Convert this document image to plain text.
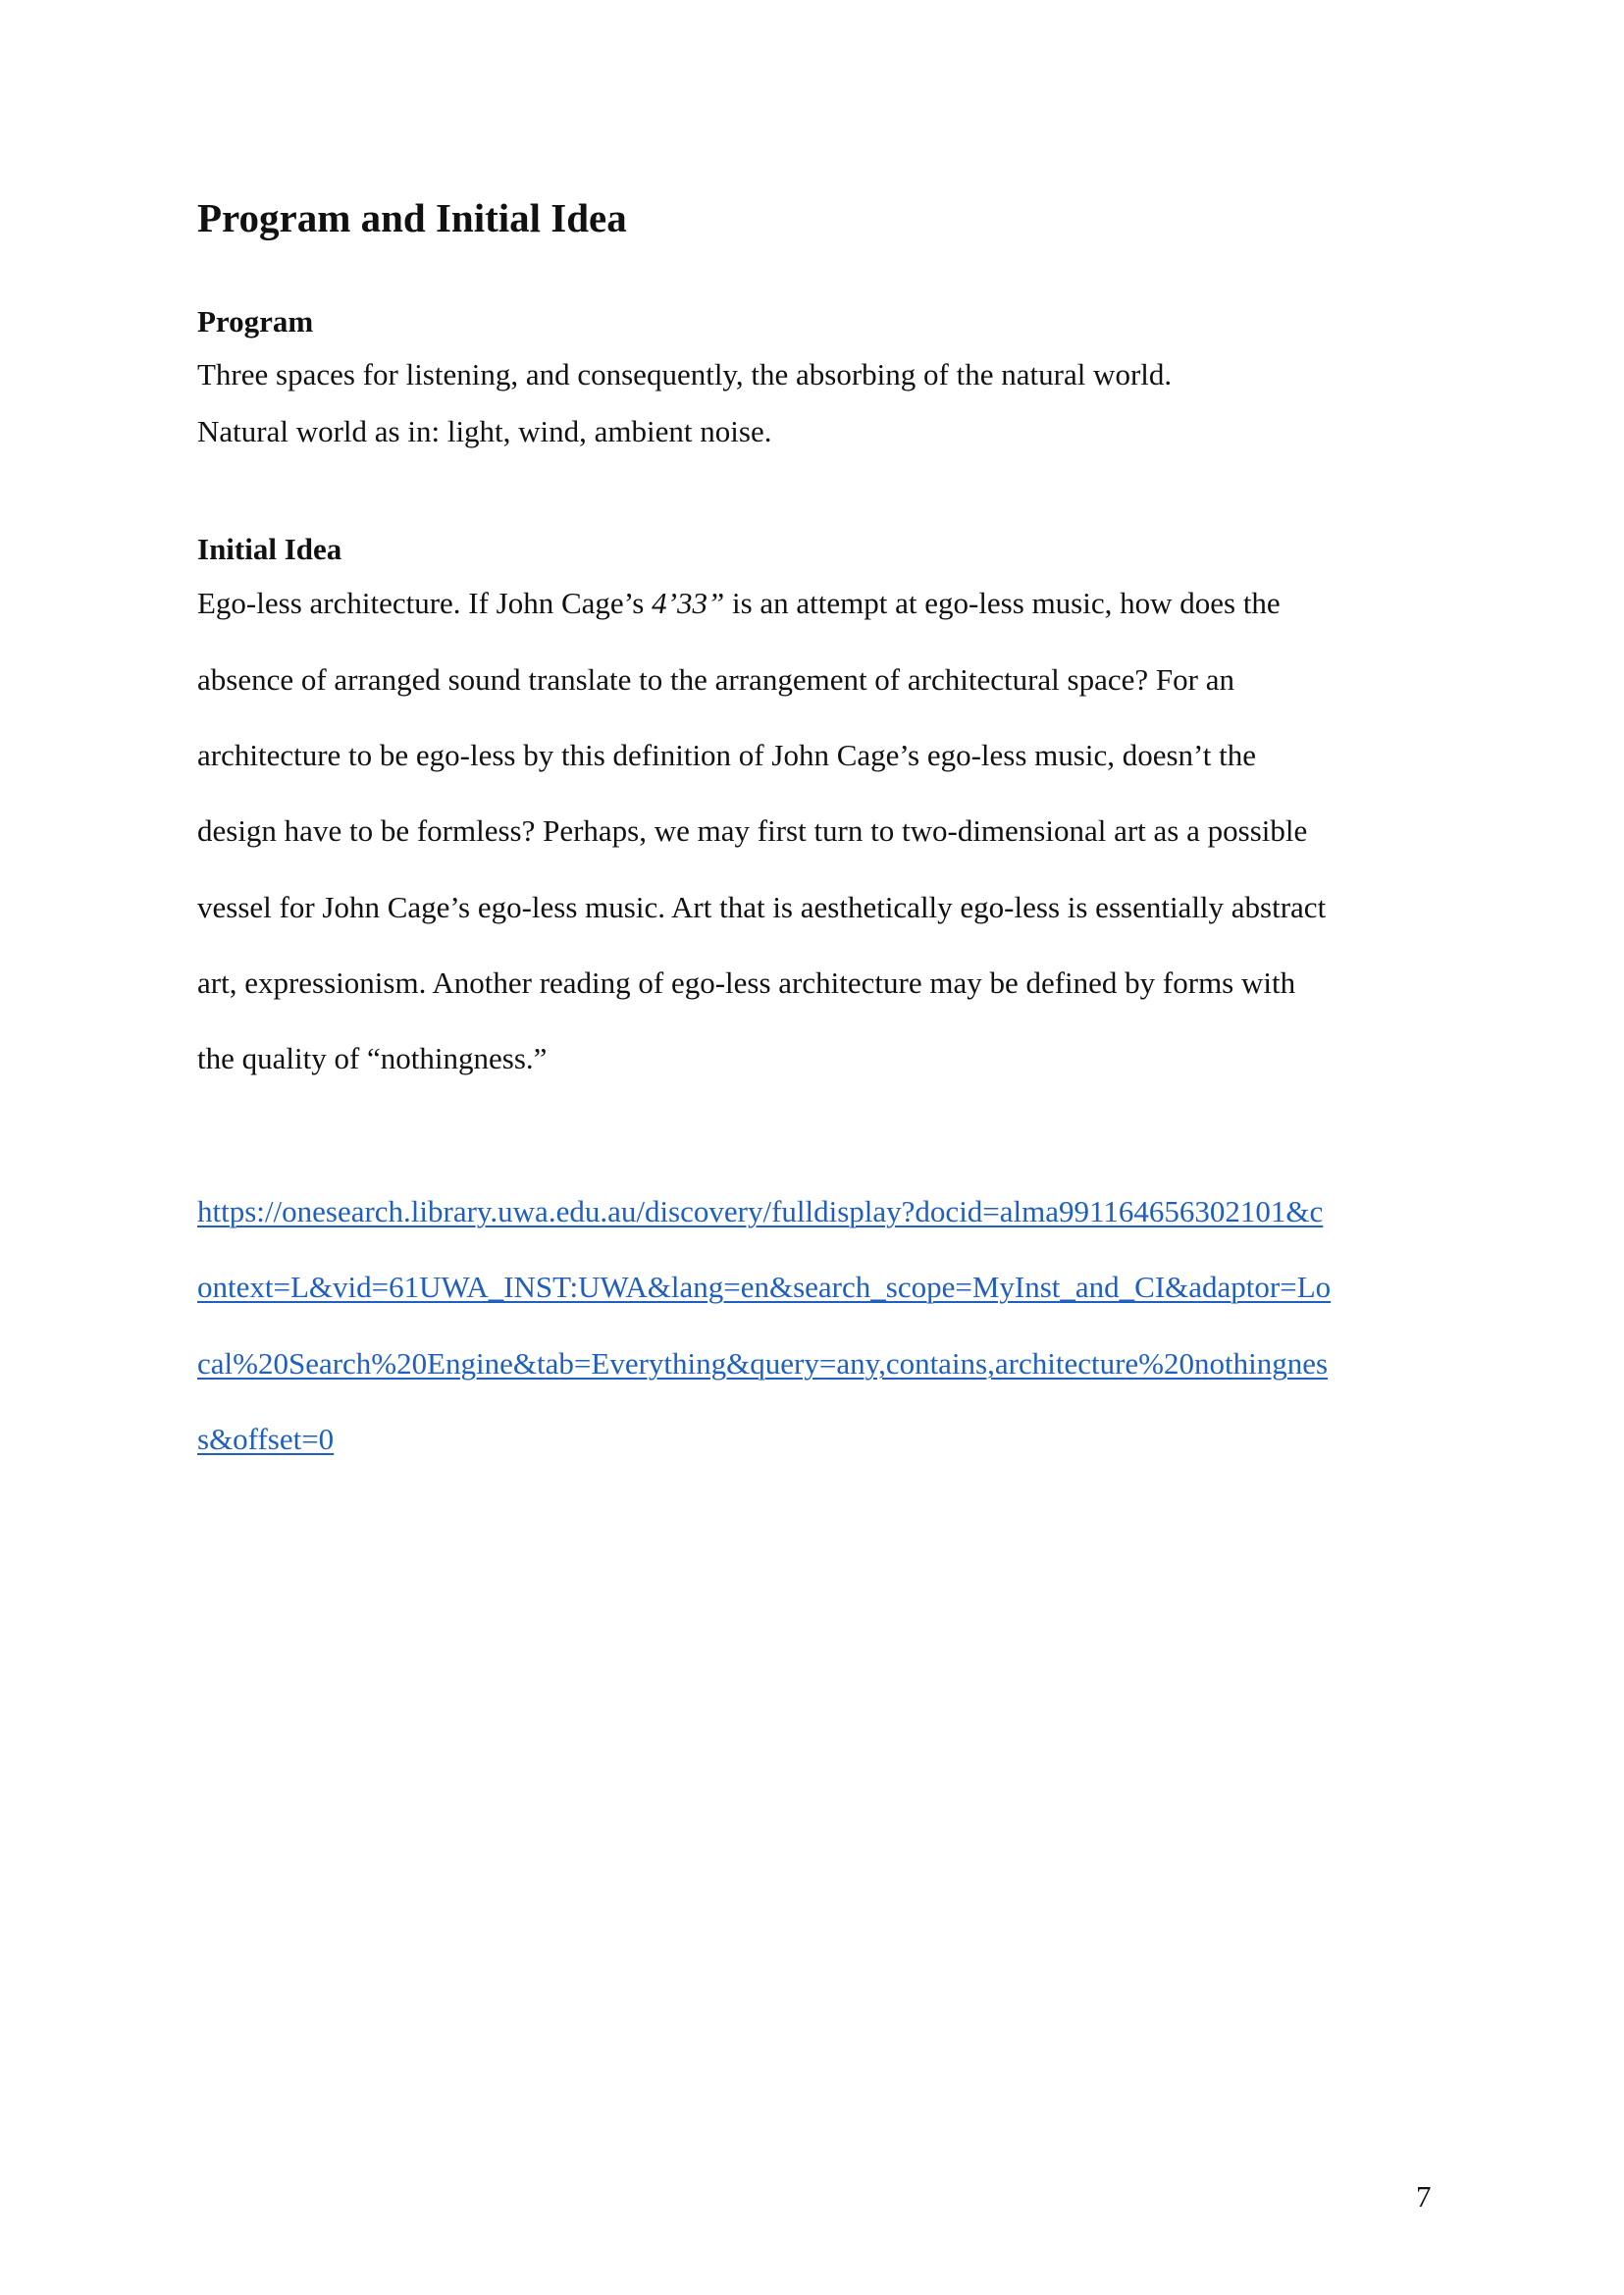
Program and Initial Idea
Program

Three spaces for listening, and consequently, the absorbing of the natural world.

Natural world as in: light, wind, ambient noise.

Initial Idea

Ego-less architecture. If John Cage’s 4’33” is an attempt at ego-less music, how does the

absence of arranged sound translate to the arrangement of architectural space? For an

architecture to be ego-less by this definition of John Cage’s ego-less music, doesn’t the

design have to be formless? Perhaps, we may first turn to two-dimensional art as a possible

vessel for John Cage’s ego-less music. Art that is aesthetically ego-less is essentially abstract

art, expressionism. Another reading of ego-less architecture may be defined by forms with

the quality of “nothingness.”

https://onesearch.library.uwa.edu.au/discovery/fulldisplay?docid=alma991164656302101&c

ontext=L&vid=61UWA_INST:UWA&lang=en&search_scope=MyInst_and_CI&adaptor=Lo

cal%20Search%20Engine&tab=Everything&query=any,contains,architecture%20nothingnes

s&offset=0

7
